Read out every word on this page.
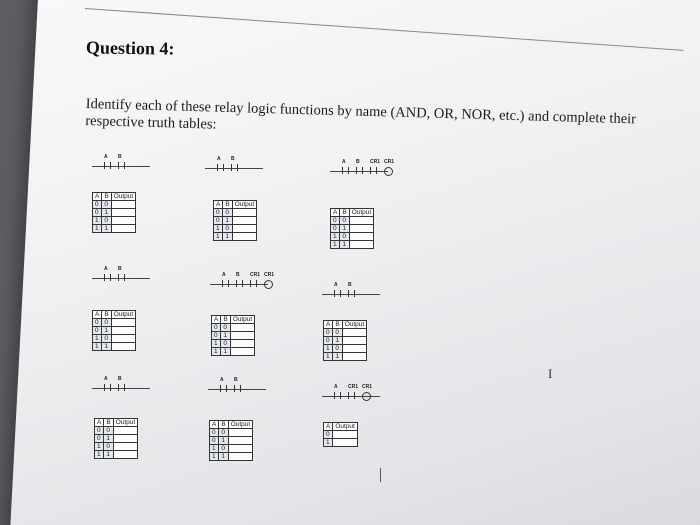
Question 4:
Identify each of these relay logic functions by name (AND, OR, NOR, etc.) and complete their respective truth tables:
A B
A	B	Output
0	0	
0	1	
1	0	
1	1	
A B
A	B	Output
0	0	
0	1	
1	0	
1	1	
A B CR1 CR1
A	B	Output
0	0	
0	1	
1	0	
1	1	
A B
A	B	Output
0	0	
0	1	
1	0	
1	1	
A B CR1 CR1
A	B	Output
0	0	
0	1	
1	0	
1	1	
A B
A	B	Output
0	0	
0	1	
1	0	
1	1	
A B
A	B	Output
0	0	
0	1	
1	0	
1	1	
A B
A	B	Output
0	0	
0	1	
1	0	
1	1	
A CR1 CR1
A	Output
0	
1	
I
